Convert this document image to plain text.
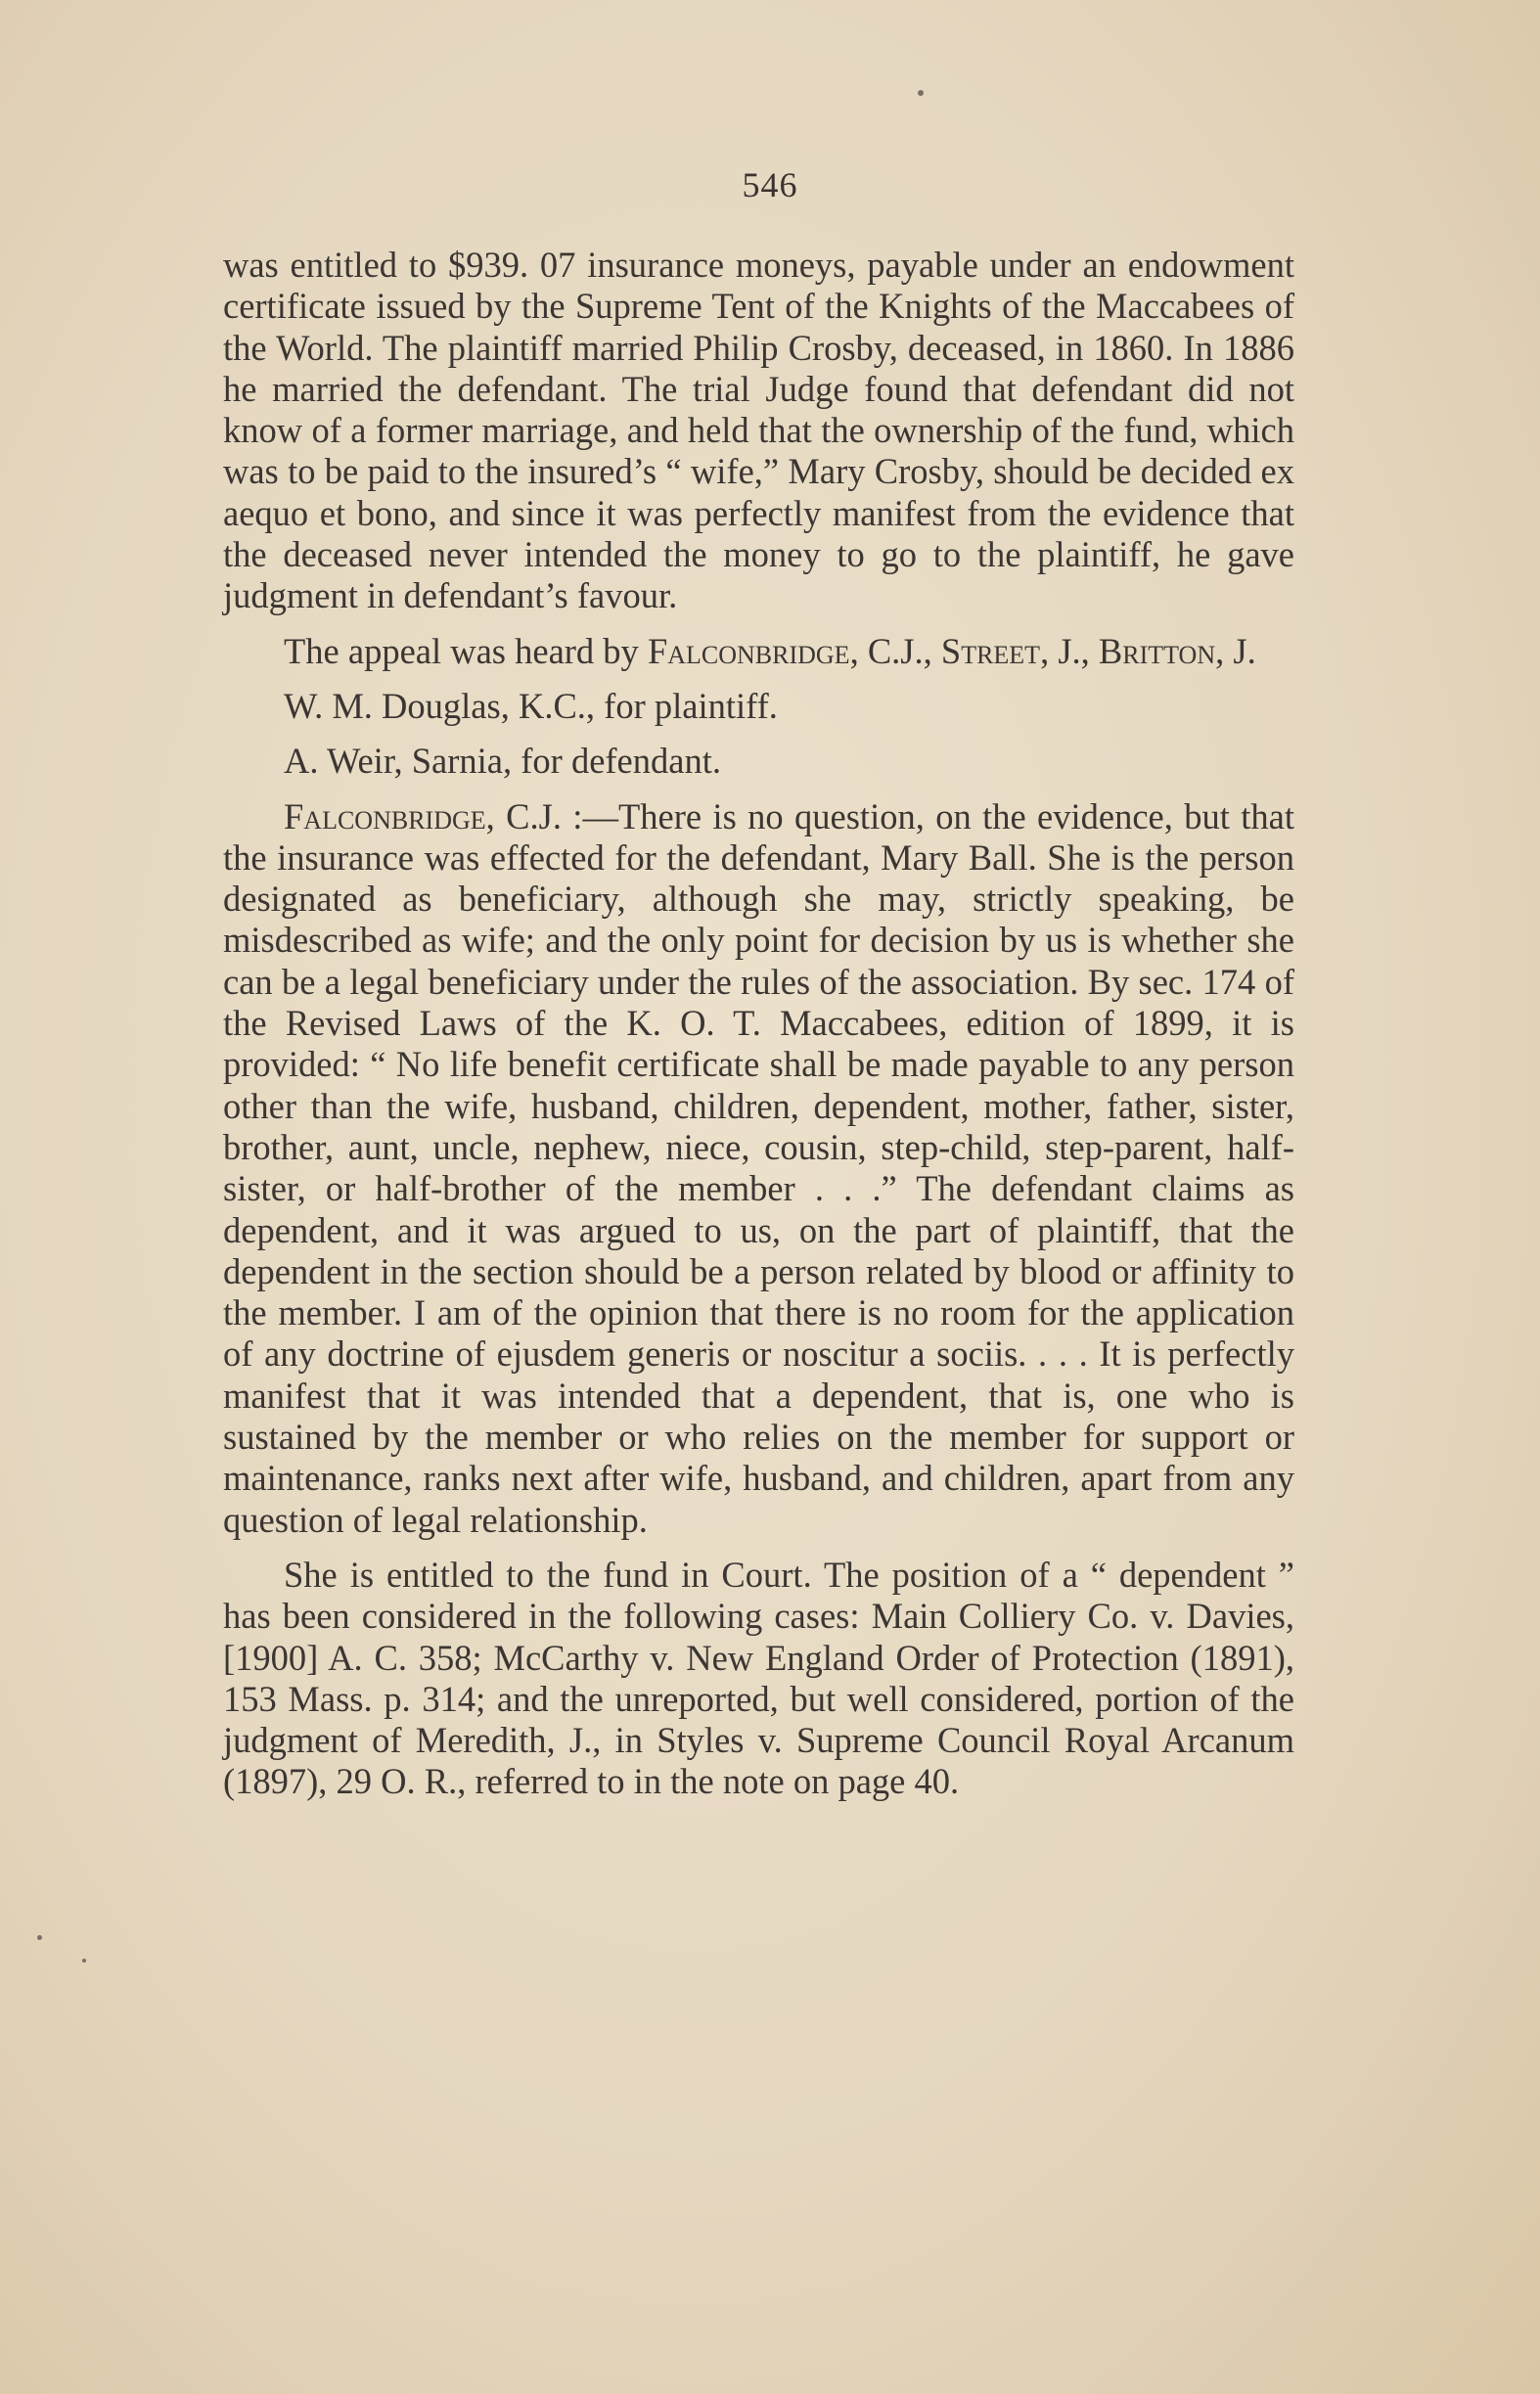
546

was entitled to $939. 07 insurance moneys, payable under an endowment certificate issued by the Supreme Tent of the Knights of the Maccabees of the World. The plaintiff married Philip Crosby, deceased, in 1860. In 1886 he married the defendant. The trial Judge found that defendant did not know of a former marriage, and held that the ownership of the fund, which was to be paid to the insured’s “ wife,” Mary Crosby, should be decided ex aequo et bono, and since it was perfectly manifest from the evidence that the deceased never intended the money to go to the plaintiff, he gave judgment in defendant’s favour.

The appeal was heard by Falconbridge, C.J., Street, J., Britton, J.

W. M. Douglas, K.C., for plaintiff.

A. Weir, Sarnia, for defendant.

Falconbridge, C.J. :—There is no question, on the evidence, but that the insurance was effected for the defendant, Mary Ball. She is the person designated as beneficiary, although she may, strictly speaking, be misdescribed as wife; and the only point for decision by us is whether she can be a legal beneficiary under the rules of the association. By sec. 174 of the Revised Laws of the K. O. T. Maccabees, edition of 1899, it is provided: “ No life benefit certificate shall be made payable to any person other than the wife, husband, children, dependent, mother, father, sister, brother, aunt, uncle, nephew, niece, cousin, step-child, step-parent, half-sister, or half-brother of the member . . .” The defendant claims as dependent, and it was argued to us, on the part of plaintiff, that the dependent in the section should be a person related by blood or affinity to the member. I am of the opinion that there is no room for the application of any doctrine of ejusdem generis or noscitur a sociis. . . . It is perfectly manifest that it was intended that a dependent, that is, one who is sustained by the member or who relies on the member for support or maintenance, ranks next after wife, husband, and children, apart from any question of legal relationship.

She is entitled to the fund in Court. The position of a “ dependent ” has been considered in the following cases: Main Colliery Co. v. Davies, [1900] A. C. 358; McCarthy v. New England Order of Protection (1891), 153 Mass. p. 314; and the unreported, but well considered, portion of the judgment of Meredith, J., in Styles v. Supreme Council Royal Arcanum (1897), 29 O. R., referred to in the note on page 40.
